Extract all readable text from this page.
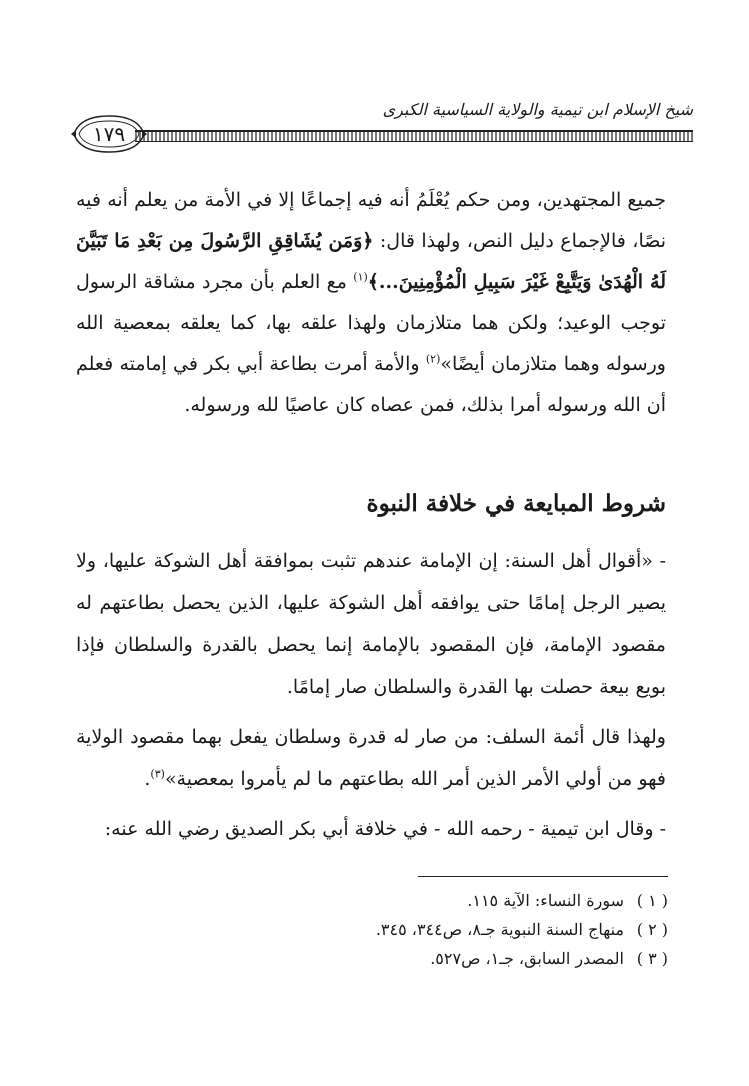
شيخ الإسلام ابن تيمية والولاية السياسية الكبرى
١٧٩

جميع المجتهدين، ومن حكم يُعْلَمُ أنه فيه إجماعًا إلا في الأمة من يعلم أنه فيه نصًا، فالإجماع دليل النص، ولهذا قال: ﴿وَمَن يُشَاقِقِ الرَّسُولَ مِن بَعْدِ مَا تَبَيَّنَ لَهُ الْهُدَىٰ وَيَتَّبِعْ غَيْرَ سَبِيلِ الْمُؤْمِنِينَ...﴾$^{(١)}$ مع العلم بأن مجرد مشاقة الرسول توجب الوعيد؛ ولكن هما متلازمان ولهذا علقه بها، كما يعلقه بمعصية الله ورسوله وهما متلازمان أيضًا»$^{(٢)}$ والأمة أمرت بطاعة أبي بكر في إمامته فعلم أن الله ورسوله أمرا بذلك، فمن عصاه كان عاصيًا لله ورسوله.

شروط المبايعة في خلافة النبوة

- «أقوال أهل السنة: إن الإمامة عندهم تثبت بموافقة أهل الشوكة عليها، ولا يصير الرجل إمامًا حتى يوافقه أهل الشوكة عليها، الذين يحصل بطاعتهم له مقصود الإمامة، فإن المقصود بالإمامة إنما يحصل بالقدرة والسلطان فإذا بويع بيعة حصلت بها القدرة والسلطان صار إمامًا.

ولهذا قال أئمة السلف: من صار له قدرة وسلطان يفعل بهما مقصود الولاية فهو من أولي الأمر الذين أمر الله بطاعتهم ما لم يأمروا بمعصية»$^{(٣)}$.

- وقال ابن تيمية - رحمه الله - في خلافة أبي بكر الصديق رضي الله عنه:

( ١ )سورة النساء: الآية ١١٥.
( ٢ )منهاج السنة النبوية جـ٨، ص٣٤٤، ٣٤٥.
( ٣ )المصدر السابق، جـ١، ص٥٢٧.
